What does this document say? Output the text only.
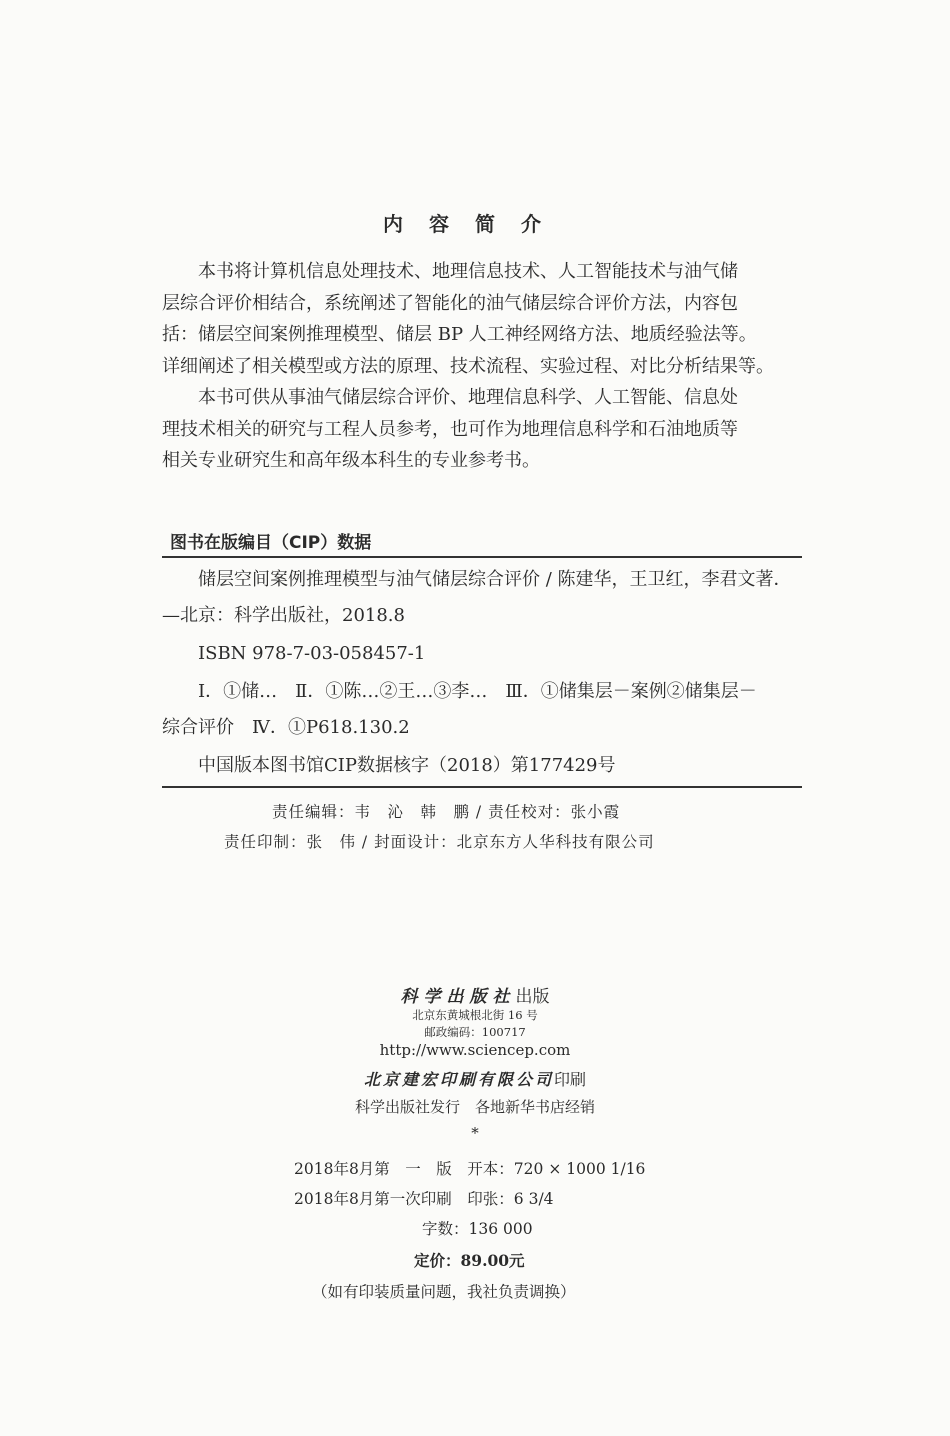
内容简介
　　本书将计算机信息处理技术、地理信息技术、人工智能技术与油气储
层综合评价相结合，系统阐述了智能化的油气储层综合评价方法，内容包
括：储层空间案例推理模型、储层 BP 人工神经网络方法、地质经验法等。
详细阐述了相关模型或方法的原理、技术流程、实验过程、对比分析结果等。
　　本书可供从事油气储层综合评价、地理信息科学、人工智能、信息处
理技术相关的研究与工程人员参考，也可作为地理信息科学和石油地质等
相关专业研究生和高年级本科生的专业参考书。
图书在版编目（CIP）数据
　　储层空间案例推理模型与油气储层综合评价 / 陈建华，王卫红，李君文著．
—北京：科学出版社，2018.8
　　ISBN 978-7-03-058457-1
　　Ⅰ．①储…　Ⅱ．①陈…②王…③李…　Ⅲ．①储集层－案例②储集层－
综合评价　Ⅳ．①P618.130.2
　　中国版本图书馆CIP数据核字（2018）第177429号
责任编辑：韦　沁　韩　鹏 / 责任校对：张小霞
责任印制：张　伟 / 封面设计：北京东方人华科技有限公司
科学出版社出版
北京东黄城根北街 16 号
邮政编码：100717
http://www.sciencep.com
北京建宏印刷有限公司印刷
科学出版社发行　各地新华书店经销
*
2018年8月第　一　版　开本：720 × 1000 1/16
2018年8月第一次印刷　印张：6 3/4
字数：136 000
定价：89.00元
（如有印装质量问题，我社负责调换）
